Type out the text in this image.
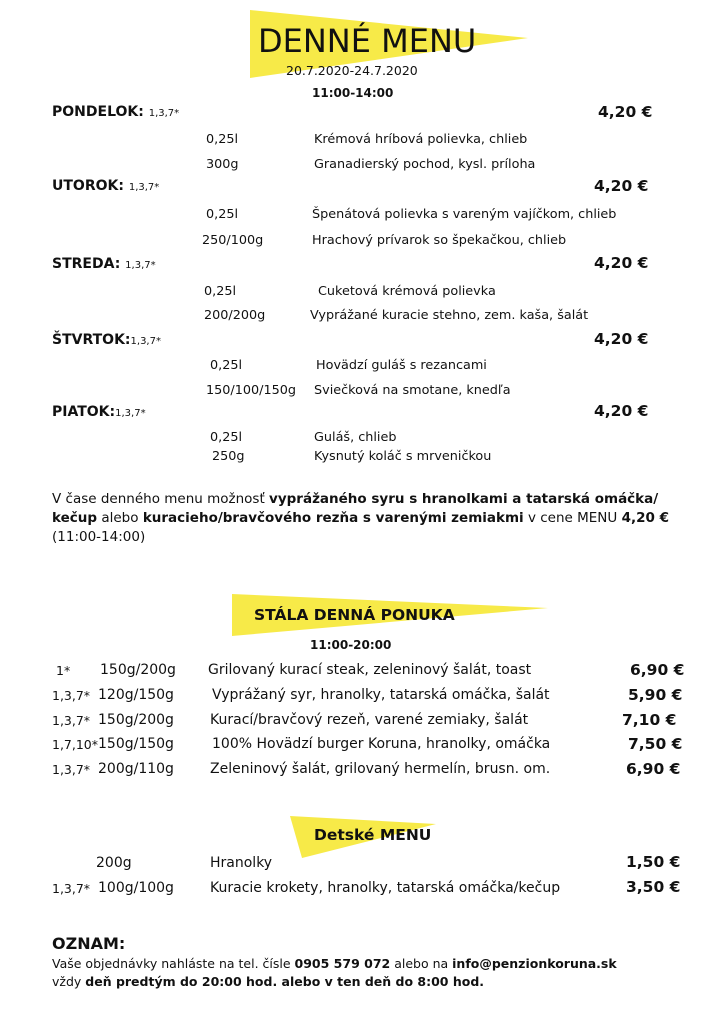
DENNÉ MENU
20.7.2020-24.7.2020
11:00-14:00
PONDELOK: 1,3,7*	4,20 €
0,25l	Krémová hríbová polievka, chlieb
300g	Granadierský pochod, kysl. príloha
UTOROK: 1,3,7*	4,20 €
0,25l	Špenátová polievka s vareným vajíčkom, chlieb
250/100g	Hrachový prívarok so špekačkou, chlieb
STREDA: 1,3,7*	4,20 €
0,25l	Cuketová krémová polievka
200/200g	Vyprážané kuracie stehno, zem. kaša, šalát
ŠTVRTOK:1,3,7*	4,20 €
0,25l	Hovädzí guláš s rezancami
150/100/150g Sviečková na smotane, knedľa
PIATOK:1,3,7*	4,20 €
0,25l	Guláš, chlieb
250g	Kysnutý koláč s mrveničkou
V čase denného menu možnosť vyprážaného syru s hranolkami a tatarská omáčka/ kečup alebo kuracieho/bravčového rezňa s varenými zemiakmi v cene MENU 4,20 € (11:00-14:00)
STÁLA DENNÁ PONUKA
11:00-20:00
1* 150g/200g Grilovaný kurací steak, zeleninový šalát, toast	6,90 €
1,3,7* 120g/150g	Vyprážaný syr, hranolky, tatarská omáčka, šalát	5,90 €
1,3,7* 150g/200g	Kurací/bravčový rezeň, varené zemiaky, šalát	7,10 €
1,7,10* 150g/150g	100% Hovädzí burger Koruna, hranolky, omáčka	7,50 €
1,3,7* 200g/110g	Zeleninový šalát, grilovaný hermelín, brusn. om.	6,90 €
Detské MENU
200g	Hranolky	1,50 €
1,3,7* 100g/100g	Kuracie krokety, hranolky, tatarská omáčka/kečup	3,50 €
OZNAM:
Vaše objednávky nahláste na tel. čísle 0905 579 072 alebo na info@penzionkoruna.sk
vždy deň predtým do 20:00 hod. alebo v ten deň do 8:00 hod.
